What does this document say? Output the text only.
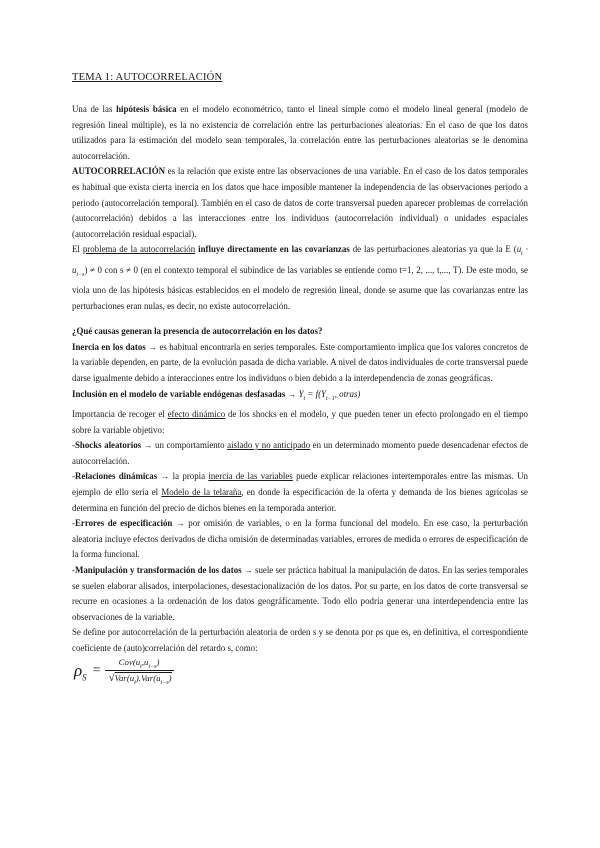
TEMA 1: AUTOCORRELACIÓN

Una de las hipótesis básica en el modelo econométrico, tanto el lineal simple como el modelo lineal general (modelo de regresión lineal múltiple), es la no existencia de correlación entre las perturbaciones aleatorias. En el caso de que los datos utilizados para la estimación del modelo sean temporales, la correlación entre las perturbaciones aleatorias se le denomina autocorrelación.

AUTOCORRELACIÓN es la relación que existe entre las observaciones de una variable. En el caso de los datos temporales es habitual que exista cierta inercia en los datos que hace imposible mantener la independencia de las observaciones periodo a periodo (autocorrelación temporal). También en el caso de datos de corte transversal pueden aparecer problemas de correlación (autocorrelación) debidos a las interacciones entre los individuos (autocorrelación individual) o unidades espaciales (autocorrelación residual espacial).

El problema de la autocorrelación influye directamente en las covarianzas de las perturbaciones aleatorias ya que la E $(u_t \cdot u_{t-s}) \ne 0$ con s ≠ 0 (en el contexto temporal el subíndice de las variables se entiende como t=1, 2, ..., t,..., T). De este modo, se viola uno de las hipótesis básicas establecidos en el modelo de regresión lineal, donde se asume que las covarianzas entre las perturbaciones eran nulas, es decir, no existe autocorrelación.

¿Qué causas generan la presencia de autocorrelación en los datos?

Inercia en los datos → es habitual encontrarla en series temporales. Este comportamiento implica que los valores concretos de la variable dependen, en parte, de la evolución pasada de dicha variable. A nivel de datos individuales de corte transversal puede darse igualmente debido a interacciones entre los individuos o bien debido a la interdependencia de zonas geográficas.

Inclusión en el modelo de variable endógenas desfasadas → $Y_t = f(Y_{t-1}$, otras)

Importancia de recoger el efecto dinámico de los shocks en el modelo, y que pueden tener un efecto prolongado en el tiempo sobre la variable objetivo:

-Shocks aleatorios → un comportamiento aislado y no anticipado en un determinado momento puede desencadenar efectos de autocorrelación.

-Relaciones dinámicas → la propia inercia de las variables puede explicar relaciones intertemporales entre las mismas. Un ejemplo de ello sería el Modelo de la telaraña, en donde la especificación de la oferta y demanda de los bienes agrícolas se determina en función del precio de dichos bienes en la temporada anterior.

-Errores de especificación → por omisión de variables, o en la forma funcional del modelo. En ese caso, la perturbación aleatoria incluye efectos derivados de dicha omisión de determinadas variables, errores de medida o errores de especificación de la forma funcional.

-Manipulación y transformación de los datos → suele ser práctica habitual la manipulación de datos. En las series temporales se suelen elaborar alisados, interpolaciones, desestacionalización de los datos. Por su parte, en los datos de corte transversal se recurre en ocasiones a la ordenación de los datos geográficamente. Todo ello podría generar una interdependencia entre las observaciones de la variable.

Se define por autocorrelación de la perturbación aleatoria de orden s y se denota por ρs que es, en definitiva, el correspondiente coeficiente de (auto)correlación del retardo s, como:

$\rho_S = \frac{Cov(u_t,u_{t-s})}{√Var(u_t).Var(u_{t-s})}$
